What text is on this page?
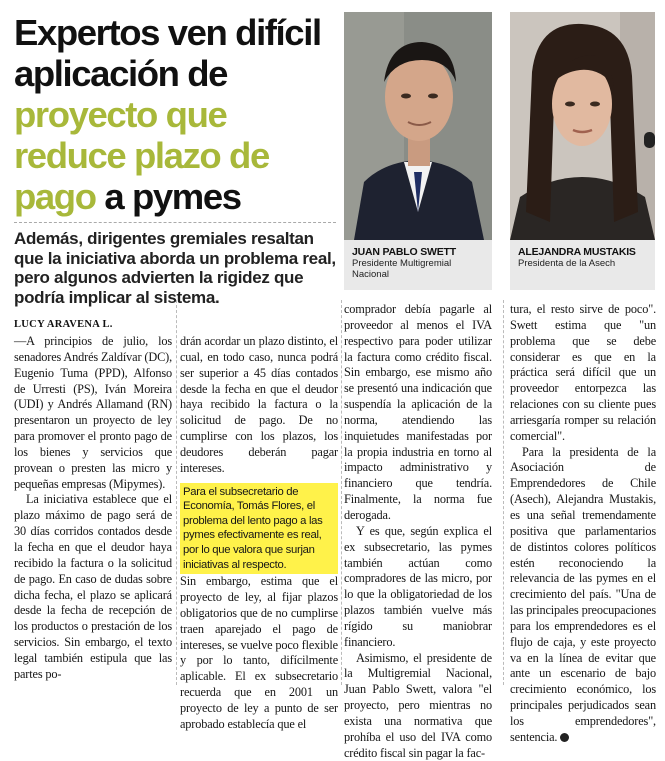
Expertos ven difícil aplicación de proyecto que reduce plazo de pago a pymes

Además, dirigentes gremiales resaltan que la iniciativa aborda un problema real, pero algunos advierten la rigidez que podría implicar al sistema.

JUAN PABLO SWETT
Presidente Multigremial Nacional
ALEJANDRA MUSTAKIS
Presidenta de la Asech
LUCY ARAVENA L.

—A principios de julio, los senadores Andrés Zaldívar (DC), Eugenio Tuma (PPD), Alfonso de Urresti (PS), Iván Moreira (UDI) y Andrés Allamand (RN) presentaron un proyecto de ley para promover el pronto pago de los bienes y servicios que provean o presten las micro y pequeñas empresas (Mipymes).

La iniciativa establece que el plazo máximo de pago será de 30 días corridos contados desde la fecha en que el deudor haya recibido la factura o la solicitud de pago. En caso de dudas sobre dicha fecha, el plazo se aplicará desde la fecha de recepción de los productos o prestación de los servicios. Sin embargo, el texto legal también estipula que las partes po-

drán acordar un plazo distinto, el cual, en todo caso, nunca podrá ser superior a 45 días contados desde la fecha en que el deudor haya recibido la factura o la solicitud de pago. De no cumplirse con los plazos, los deudores deberán pagar intereses.

Para el subsecretario de Economía, Tomás Flores, el problema del lento pago a las pymes efectivamente es real, por lo que valora que surjan iniciativas al respecto.
Sin embargo, estima que el proyecto de ley, al fijar plazos obligatorios que de no cumplirse traen aparejado el pago de intereses, se vuelve poco flexible y por lo tanto, difícilmente aplicable. El ex subsecretario recuerda que en 2001 un proyecto de ley a punto de ser aprobado establecía que el

comprador debía pagarle al proveedor al menos el IVA respectivo para poder utilizar la factura como crédito fiscal. Sin embargo, ese mismo año se presentó una indicación que suspendía la aplicación de la norma, atendiendo las inquietudes manifestadas por la propia industria en torno al impacto administrativo y financiero que tendría. Finalmente, la norma fue derogada.

Y es que, según explica el ex subsecretario, las pymes también actúan como compradores de las micro, por lo que la obligatoriedad de los plazos también vuelve más rígido su maniobrar financiero.

Asimismo, el presidente de la Multigremial Nacional, Juan Pablo Swett, valora "el proyecto, pero mientras no exista una normativa que prohíba el uso del IVA como crédito fiscal sin pagar la fac-

tura, el resto sirve de poco". Swett estima que "un problema que se debe considerar es que en la práctica será difícil que un proveedor entorpezca las relaciones con su cliente pues arriesgaría romper su relación comercial".

Para la presidenta de la Asociación de Emprendedores de Chile (Asech), Alejandra Mustakis, es una señal tremendamente positiva que parlamentarios de distintos colores políticos estén reconociendo la relevancia de las pymes en el crecimiento del país. "Una de las principales preocupaciones para los emprendedores es el flujo de caja, y este proyecto va en la línea de evitar que ante un escenario de bajo crecimiento económico, los principales perjudicados sean los emprendedores", sentencia.
